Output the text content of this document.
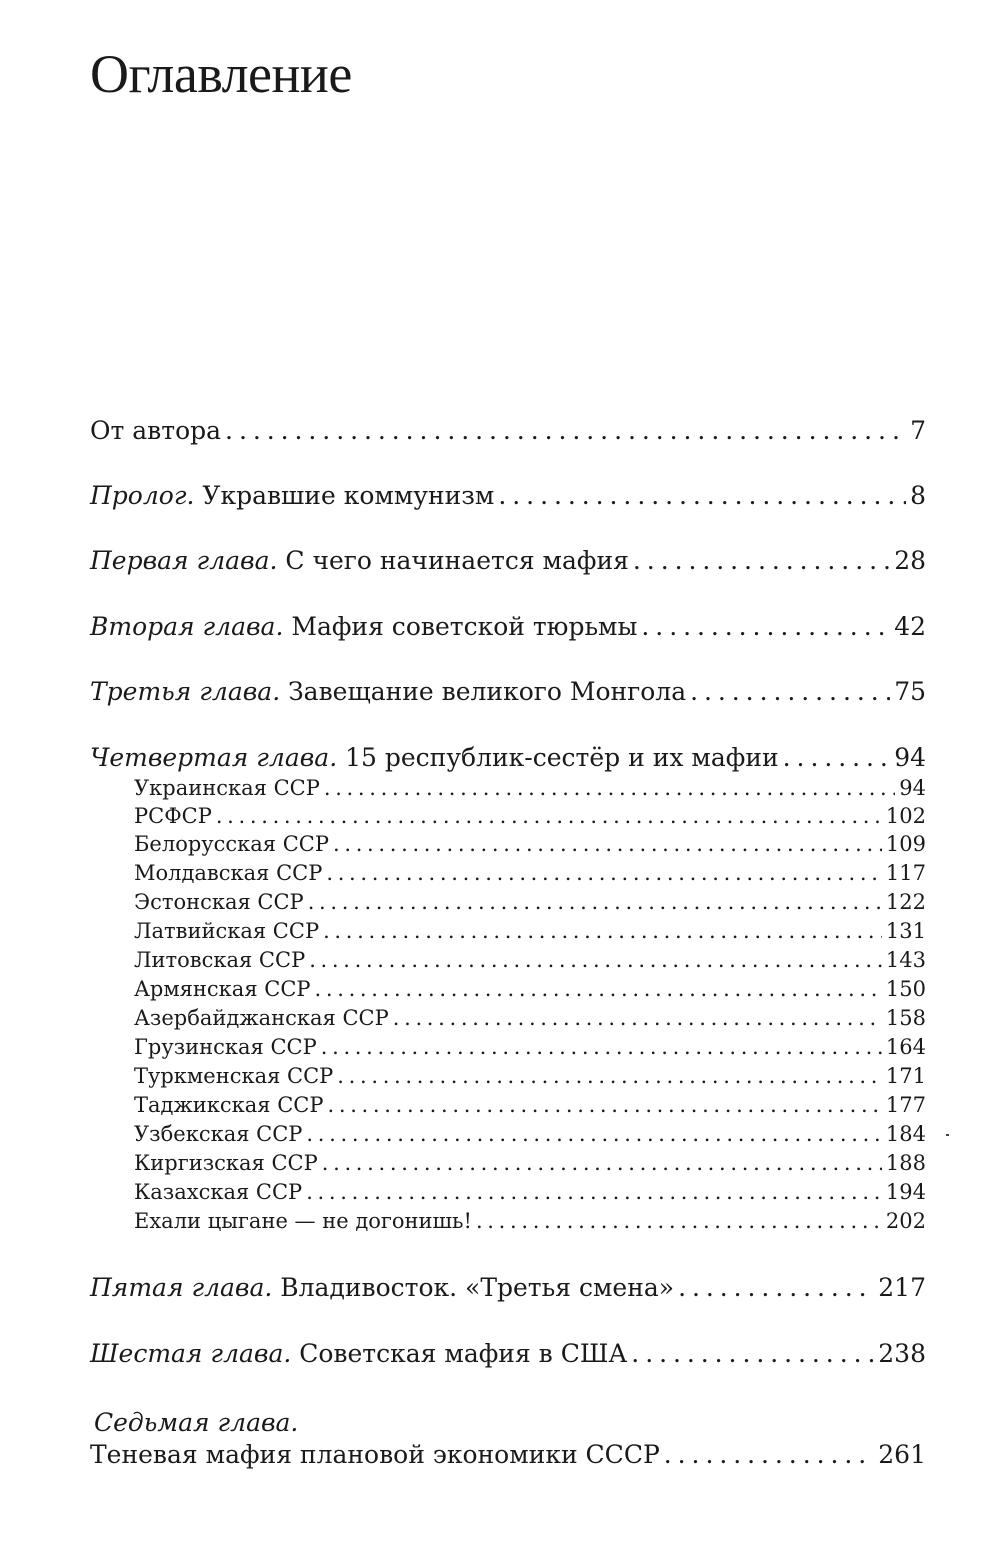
Оглавление
От автора . . .	7
Пролог. Укравшие коммунизм . . .	8
Первая глава. С чего начинается мафия . . .	28
Вторая глава. Мафия советской тюрьмы . . .	42
Третья глава. Завещание великого Монгола . . .	75
Четвертая глава. 15 республик-сестёр и их мафии . . .	94
Украинская ССР . . .	94
РСФСР . . .	102
Белорусская ССР . . .	109
Молдавская ССР . . .	117
Эстонская ССР . . .	122
Латвийская ССР . . .	131
Литовская ССР . . .	143
Армянская ССР . . .	150
Азербайджанская ССР . . .	158
Грузинская ССР . . .	164
Туркменская ССР . . .	171
Таджикская ССР . . .	177
Узбекская ССР . . .	184
Киргизская ССР . . .	188
Казахская ССР . . .	194
Ехали цыгане — не догонишь! . . .	202
Пятая глава. Владивосток. «Третья смена» . . .	217
Шестая глава. Советская мафия в США . . .	238
Седьмая глава.
Теневая мафия плановой экономики СССР . . .	261
